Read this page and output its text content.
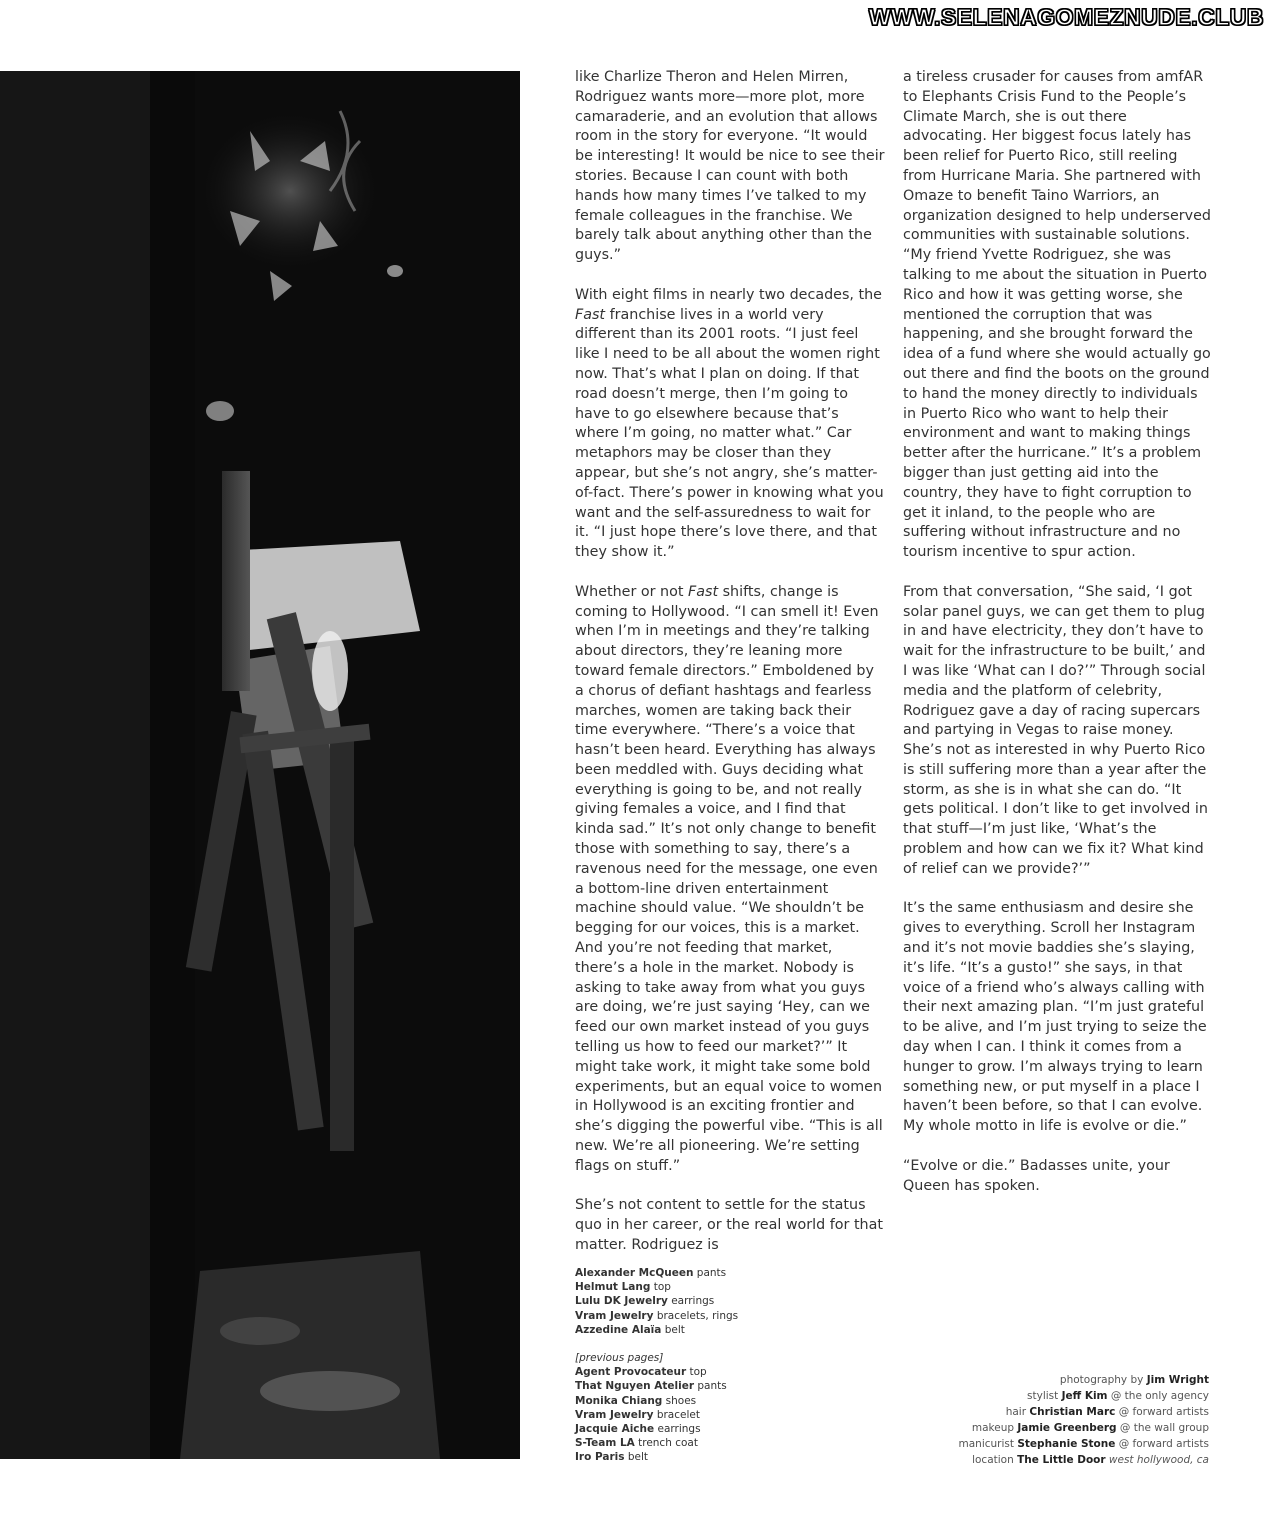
WWW.SELENAGOMEZNUDE.CLUB

like Charlize Theron and Helen Mirren, Rodriguez wants more—more plot, more camaraderie, and an evolution that allows room in the story for everyone. “It would be interesting! It would be nice to see their stories. Because I can count with both hands how many times I’ve talked to my female colleagues in the franchise. We barely talk about anything other than the guys.”

With eight films in nearly two decades, the Fast franchise lives in a world very different than its 2001 roots. “I just feel like I need to be all about the women right now. That’s what I plan on doing. If that road doesn’t merge, then I’m going to have to go elsewhere because that’s where I’m going, no matter what.” Car metaphors may be closer than they appear, but she’s not angry, she’s matter-of-fact. There’s power in knowing what you want and the self-assuredness to wait for it. “I just hope there’s love there, and that they show it.”

Whether or not Fast shifts, change is coming to Hollywood. “I can smell it! Even when I’m in meetings and they’re talking about directors, they’re leaning more toward female directors.” Emboldened by a chorus of defiant hashtags and fearless marches, women are taking back their time everywhere. “There’s a voice that hasn’t been heard. Everything has always been meddled with. Guys deciding what everything is going to be, and not really giving females a voice, and I find that kinda sad.” It’s not only change to benefit those with something to say, there’s a ravenous need for the message, one even a bottom-line driven entertainment machine should value. “We shouldn’t be begging for our voices, this is a market. And you’re not feeding that market, there’s a hole in the market. Nobody is asking to take away from what you guys are doing, we’re just saying ‘Hey, can we feed our own market instead of you guys telling us how to feed our market?’” It might take work, it might take some bold experiments, but an equal voice to women in Hollywood is an exciting frontier and she’s digging the powerful vibe. “This is all new. We’re all pioneering. We’re setting flags on stuff.”

She’s not content to settle for the status quo in her career, or the real world for that matter. Rodriguez is

a tireless crusader for causes from amfAR to Elephants Crisis Fund to the People’s Climate March, she is out there advocating. Her biggest focus lately has been relief for Puerto Rico, still reeling from Hurricane Maria. She partnered with Omaze to benefit Taino Warriors, an organization designed to help underserved communities with sustainable solutions. “My friend Yvette Rodriguez, she was talking to me about the situation in Puerto Rico and how it was getting worse, she mentioned the corruption that was happening, and she brought forward the idea of a fund where she would actually go out there and find the boots on the ground to hand the money directly to individuals in Puerto Rico who want to help their environment and want to making things better after the hurricane.” It’s a problem bigger than just getting aid into the country, they have to fight corruption to get it inland, to the people who are suffering without infrastructure and no tourism incentive to spur action.

From that conversation, “She said, ‘I got solar panel guys, we can get them to plug in and have electricity, they don’t have to wait for the infrastructure to be built,’ and I was like ‘What can I do?’” Through social media and the platform of celebrity, Rodriguez gave a day of racing supercars and partying in Vegas to raise money. She’s not as interested in why Puerto Rico is still suffering more than a year after the storm, as she is in what she can do. “It gets political. I don’t like to get involved in that stuff—I’m just like, ‘What’s the problem and how can we fix it? What kind of relief can we provide?’”

It’s the same enthusiasm and desire she gives to everything. Scroll her Instagram and it’s not movie baddies she’s slaying, it’s life. “It’s a gusto!” she says, in that voice of a friend who’s always calling with their next amazing plan. “I’m just grateful to be alive, and I’m just trying to seize the day when I can. I think it comes from a hunger to grow. I’m always trying to learn something new, or put myself in a place I haven’t been before, so that I can evolve. My whole motto in life is evolve or die.”

“Evolve or die.” Badasses unite, your Queen has spoken.

Alexander McQueen pants
Helmut Lang top
Lulu DK Jewelry earrings
Vram Jewelry bracelets, rings
Azzedine Alaïa belt
[previous pages]
Agent Provocateur top
That Nguyen Atelier pants
Monika Chiang shoes
Vram Jewelry bracelet
Jacquie Aiche earrings
S-Team LA trench coat
Iro Paris belt
photography by Jim Wright
stylist Jeff Kim @ the only agency
hair Christian Marc @ forward artists
makeup Jamie Greenberg @ the wall group
manicurist Stephanie Stone @ forward artists
location The Little Door west hollywood, ca
